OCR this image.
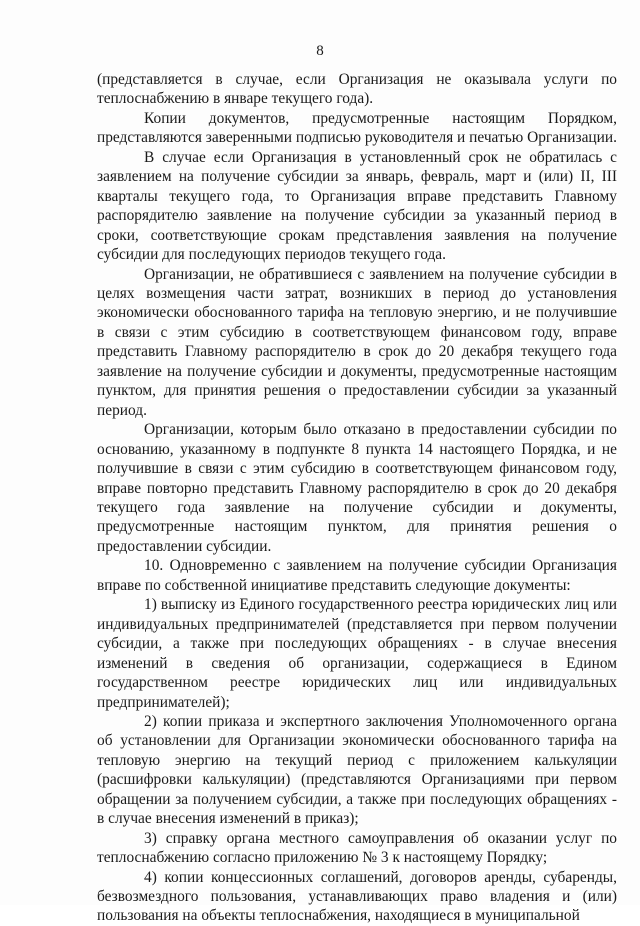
8

(представляется в случае, если Организация не оказывала услуги по теплоснабжению в январе текущего года).

Копии документов, предусмотренные настоящим Порядком, представляются заверенными подписью руководителя и печатью Организации.

В случае если Организация в установленный срок не обратилась с заявлением на получение субсидии за январь, февраль, март и (или) II, III кварталы текущего года, то Организация вправе представить Главному распорядителю заявление на получение субсидии за указанный период в сроки, соответствующие срокам представления заявления на получение субсидии для последующих периодов текущего года.

Организации, не обратившиеся с заявлением на получение субсидии в целях возмещения части затрат, возникших в период до установления экономически обоснованного тарифа на тепловую энергию, и не получившие в связи с этим субсидию в соответствующем финансовом году, вправе представить Главному распорядителю в срок до 20 декабря текущего года заявление на получение субсидии и документы, предусмотренные настоящим пунктом, для принятия решения о предоставлении субсидии за указанный период.

Организации, которым было отказано в предоставлении субсидии по основанию, указанному в подпункте 8 пункта 14 настоящего Порядка, и не получившие в связи с этим субсидию в соответствующем финансовом году, вправе повторно представить Главному распорядителю в срок до 20 декабря текущего года заявление на получение субсидии и документы, предусмотренные настоящим пунктом, для принятия решения о предоставлении субсидии.

10. Одновременно с заявлением на получение субсидии Организация вправе по собственной инициативе представить следующие документы:

1) выписку из Единого государственного реестра юридических лиц или индивидуальных предпринимателей (представляется при первом получении субсидии, а также при последующих обращениях - в случае внесения изменений в сведения об организации, содержащиеся в Едином государственном реестре юридических лиц или индивидуальных предпринимателей);

2) копии приказа и экспертного заключения Уполномоченного органа об установлении для Организации экономически обоснованного тарифа на тепловую энергию на текущий период с приложением калькуляции (расшифровки калькуляции) (представляются Организациями при первом обращении за получением субсидии, а также при последующих обращениях - в случае внесения изменений в приказ);

3) справку органа местного самоуправления об оказании услуг по теплоснабжению согласно приложению № 3 к настоящему Порядку;

4) копии концессионных соглашений, договоров аренды, субаренды, безвозмездного пользования, устанавливающих право владения и (или) пользования на объекты теплоснабжения, находящиеся в муниципальной
